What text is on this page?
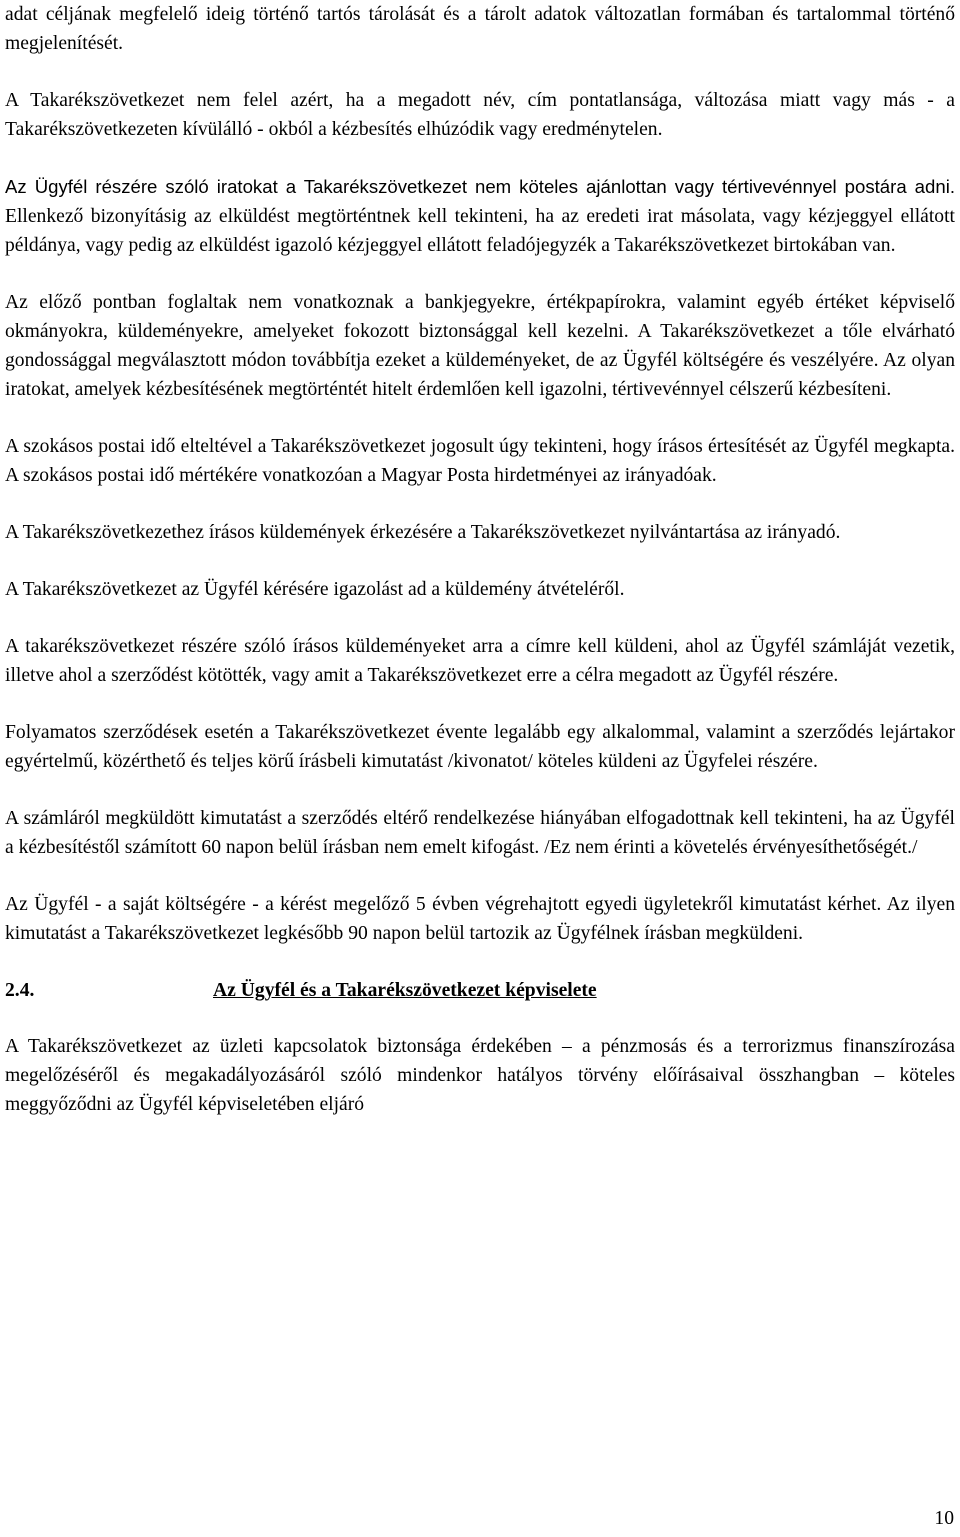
adat céljának megfelelő ideig történő tartós tárolását és a tárolt adatok változatlan formában és tartalommal történő megjelenítését.

A Takarékszövetkezet nem felel azért, ha a megadott név, cím pontatlansága, változása miatt vagy más - a Takarékszövetkezeten kívülálló - okból a kézbesítés elhúzódik vagy eredménytelen.

Az Ügyfél részére szóló iratokat a Takarékszövetkezet nem köteles ajánlottan vagy tértivevénnyel postára adni. Ellenkező bizonyításig az elküldést megtörténtnek kell tekinteni, ha az eredeti irat másolata, vagy kézjeggyel ellátott példánya, vagy pedig az elküldést igazoló kézjeggyel ellátott feladójegyzék a Takarékszövetkezet birtokában van.

Az előző pontban foglaltak nem vonatkoznak a bankjegyekre, értékpapírokra, valamint egyéb értéket képviselő okmányokra, küldeményekre, amelyeket fokozott biztonsággal kell kezelni. A Takarékszövetkezet a tőle elvárható gondossággal megválasztott módon továbbítja ezeket a küldeményeket, de az Ügyfél költségére és veszélyére. Az olyan iratokat, amelyek kézbesítésének megtörténtét hitelt érdemlően kell igazolni, tértivevénnyel célszerű kézbesíteni.

A szokásos postai idő elteltével a Takarékszövetkezet jogosult úgy tekinteni, hogy írásos értesítését az Ügyfél megkapta. A szokásos postai idő mértékére vonatkozóan a Magyar Posta hirdetményei az irányadóak.

A Takarékszövetkezethez írásos küldemények érkezésére a Takarékszövetkezet nyilvántartása az irányadó.

A Takarékszövetkezet az Ügyfél kérésére igazolást ad a küldemény átvételéről.

A takarékszövetkezet részére szóló írásos küldeményeket arra a címre kell küldeni, ahol az Ügyfél számláját vezetik, illetve ahol a szerződést kötötték, vagy amit a Takarékszövetkezet erre a célra megadott az Ügyfél részére.

Folyamatos szerződések esetén a Takarékszövetkezet évente legalább egy alkalommal, valamint a szerződés lejártakor egyértelmű, közérthető és teljes körű írásbeli kimutatást /kivonatot/ köteles küldeni az Ügyfelei részére.

A számláról megküldött kimutatást a szerződés eltérő rendelkezése hiányában elfogadottnak kell tekinteni, ha az Ügyfél a kézbesítéstől számított 60 napon belül írásban nem emelt kifogást. /Ez nem érinti a követelés érvényesíthetőségét./

Az Ügyfél - a saját költségére - a kérést megelőző 5 évben végrehajtott egyedi ügyletekről kimutatást kérhet. Az ilyen kimutatást a Takarékszövetkezet legkésőbb 90 napon belül tartozik az Ügyfélnek írásban megküldeni.

2.4.	Az Ügyfél és a Takarékszövetkezet képviselete

A Takarékszövetkezet az üzleti kapcsolatok biztonsága érdekében – a pénzmosás és a terrorizmus finanszírozása megelőzéséről és megakadályozásáról szóló mindenkor hatályos törvény előírásaival összhangban – köteles meggyőződni az Ügyfél képviseletében eljáró

10
